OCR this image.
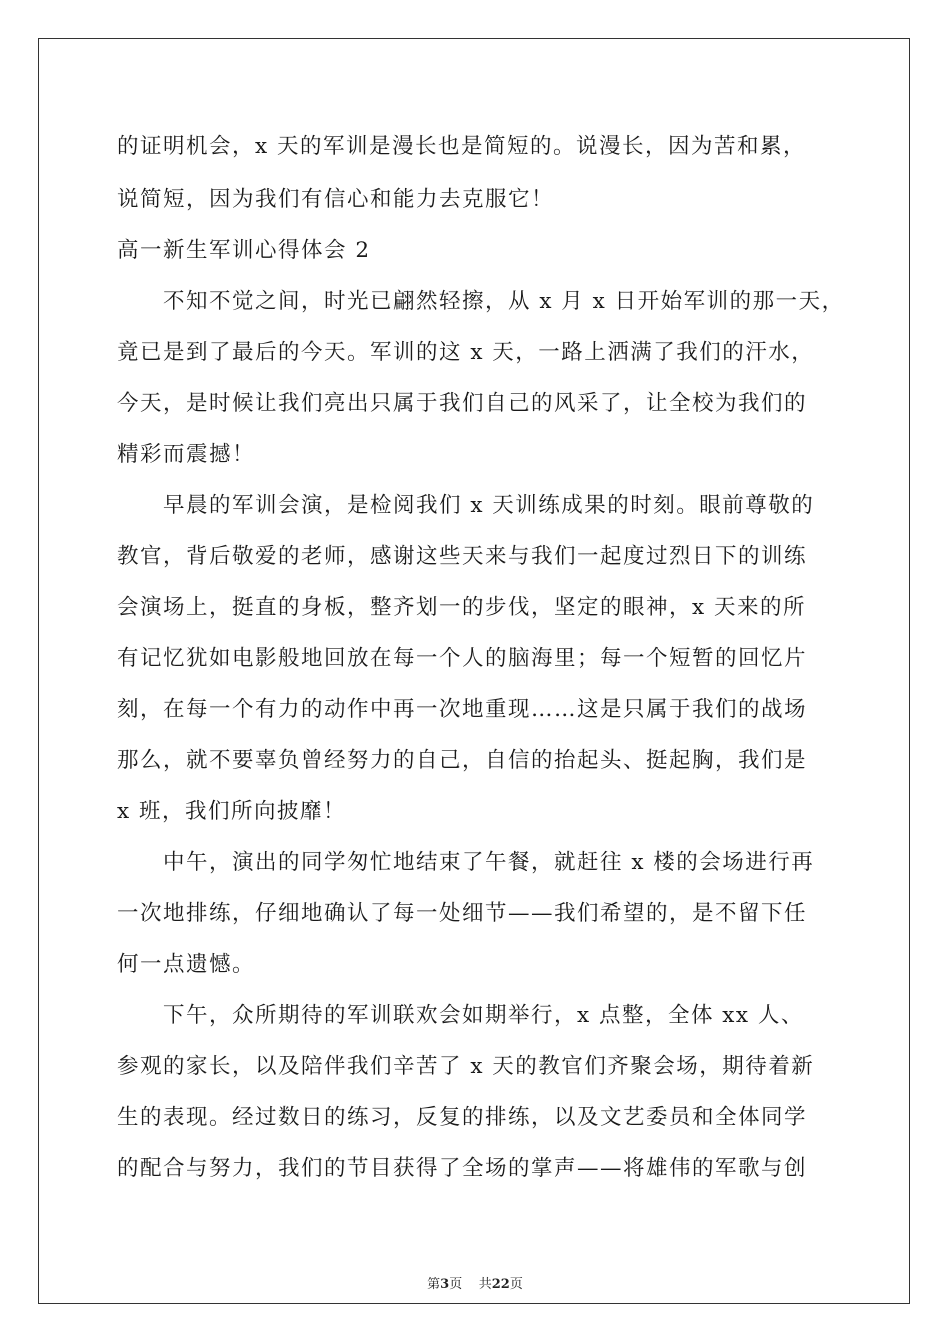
的证明机会，x 天的军训是漫长也是简短的。说漫长，因为苦和累，
说简短，因为我们有信心和能力去克服它！
高一新生军训心得体会 2
不知不觉之间，时光已翩然轻擦，从 x 月 x 日开始军训的那一天，
竟已是到了最后的今天。军训的这 x 天，一路上洒满了我们的汗水，
今天，是时候让我们亮出只属于我们自己的风采了，让全校为我们的
精彩而震撼！
早晨的军训会演，是检阅我们 x 天训练成果的时刻。眼前尊敬的
教官，背后敬爱的老师，感谢这些天来与我们一起度过烈日下的训练
会演场上，挺直的身板，整齐划一的步伐，坚定的眼神，x 天来的所
有记忆犹如电影般地回放在每一个人的脑海里；每一个短暂的回忆片
刻，在每一个有力的动作中再一次地重现……这是只属于我们的战场
那么，就不要辜负曾经努力的自己，自信的抬起头、挺起胸，我们是
x 班，我们所向披靡！
中午，演出的同学匆忙地结束了午餐，就赶往 x 楼的会场进行再
一次地排练，仔细地确认了每一处细节——我们希望的，是不留下任
何一点遗憾。
下午，众所期待的军训联欢会如期举行，x 点整，全体 xx 人、
参观的家长，以及陪伴我们辛苦了 x 天的教官们齐聚会场，期待着新
生的表现。经过数日的练习，反复的排练，以及文艺委员和全体同学
的配合与努力，我们的节目获得了全场的掌声——将雄伟的军歌与创
第3页 共22页
